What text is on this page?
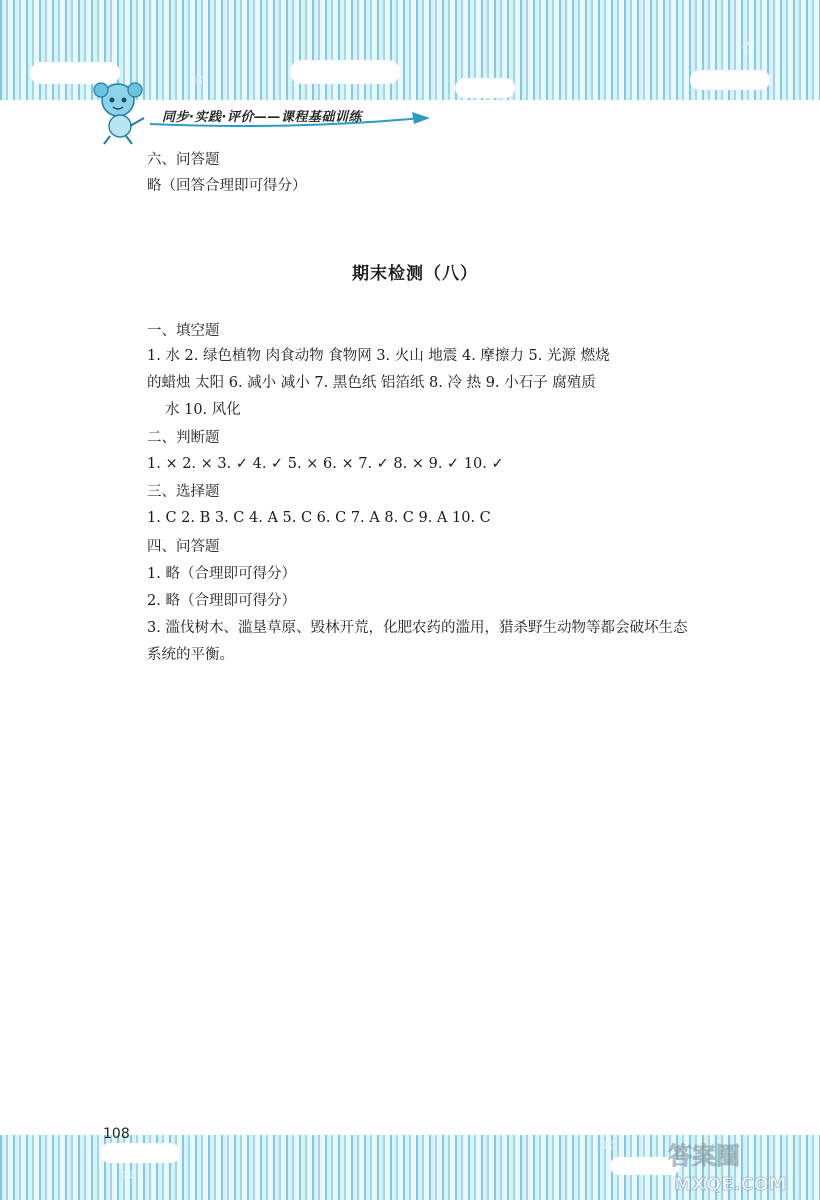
☆
☆
同步·实践·评价——课程基础训练
六、问答题
略（回答合理即可得分）
期末检测（八）
一、填空题
1. 水 2. 绿色植物 肉食动物 食物网 3. 火山 地震 4. 摩擦力 5. 光源 燃烧
的蜡烛 太阳 6. 减小 减小 7. 黑色纸 铝箔纸 8. 冷 热 9. 小石子 腐殖质
水 10. 风化
二、判断题
1. × 2. × 3. ✓ 4. ✓ 5. × 6. × 7. ✓ 8. × 9. ✓ 10. ✓
三、选择题
1. C 2. B 3. C 4. A 5. C 6. C 7. A 8. C 9. A 10. C
四、问答题
1. 略（合理即可得分）
2. 略（合理即可得分）
3. 滥伐树木、滥垦草原、毁林开荒，化肥农药的滥用，猎杀野生动物等都会破坏生态
系统的平衡。
☆
☆
108
答案圈
MXQE.COM
